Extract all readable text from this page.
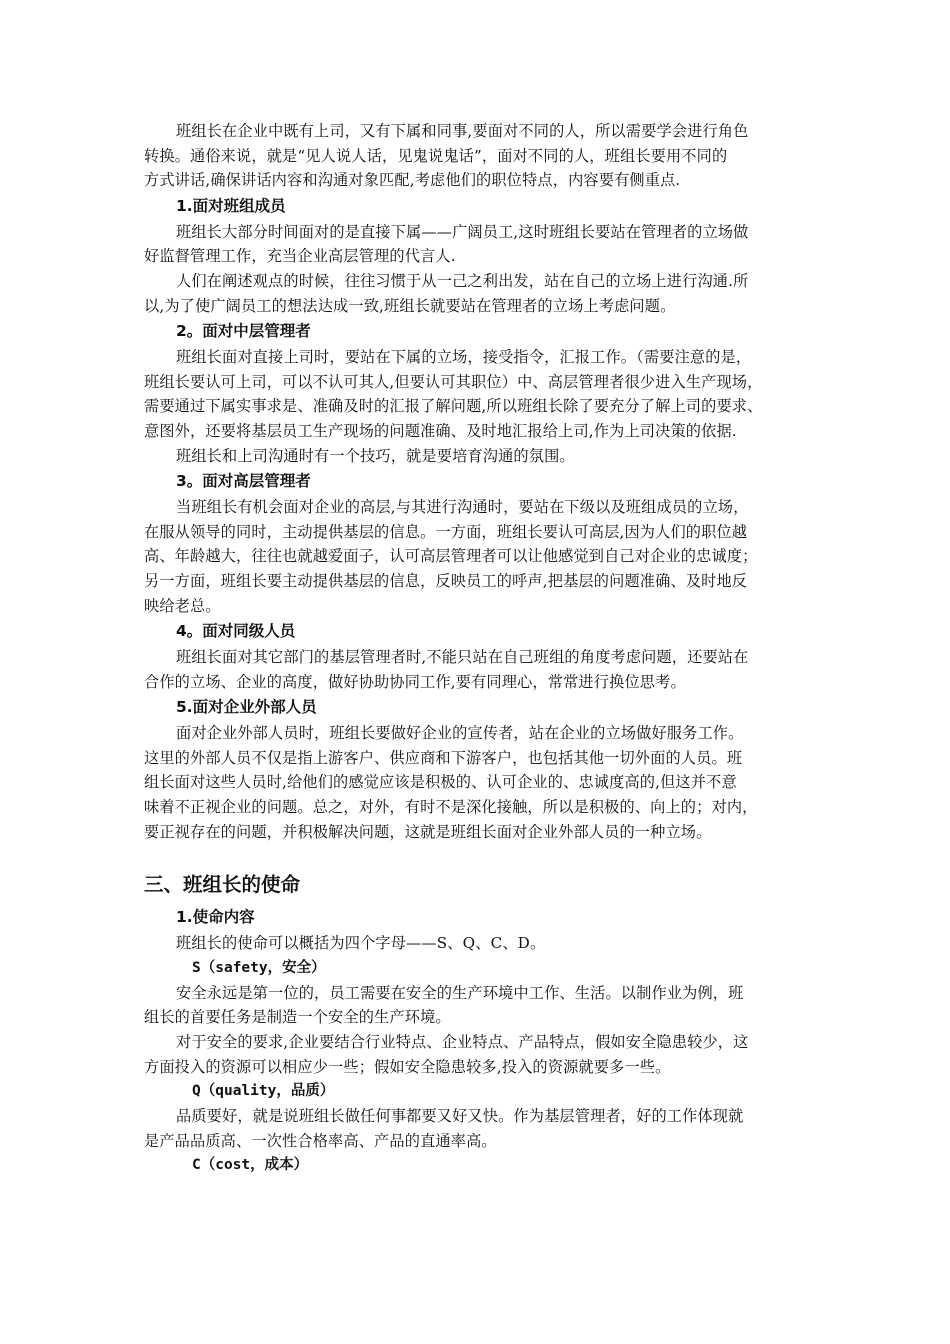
班组长在企业中既有上司，又有下属和同事,要面对不同的人，所以需要学会进行角色
转换。通俗来说，就是“见人说人话，见鬼说鬼话”，面对不同的人，班组长要用不同的
方式讲话,确保讲话内容和沟通对象匹配,考虑他们的职位特点，内容要有侧重点.

1.面对班组成员

班组长大部分时间面对的是直接下属——广阔员工,这时班组长要站在管理者的立场做
好监督管理工作，充当企业高层管理的代言人.

人们在阐述观点的时候，往往习惯于从一己之利出发，站在自己的立场上进行沟通.所
以,为了使广阔员工的想法达成一致,班组长就要站在管理者的立场上考虑问题。

2。面对中层管理者

班组长面对直接上司时，要站在下属的立场，接受指令，汇报工作。（需要注意的是，
班组长要认可上司，可以不认可其人,但要认可其职位）中、高层管理者很少进入生产现场，
需要通过下属实事求是、准确及时的汇报了解问题,所以班组长除了要充分了解上司的要求、
意图外，还要将基层员工生产现场的问题准确、及时地汇报给上司,作为上司决策的依据.

班组长和上司沟通时有一个技巧，就是要培育沟通的氛围。

3。面对高层管理者

当班组长有机会面对企业的高层,与其进行沟通时，要站在下级以及班组成员的立场，
在服从领导的同时，主动提供基层的信息。一方面，班组长要认可高层,因为人们的职位越
高、年龄越大，往往也就越爱面子，认可高层管理者可以让他感觉到自己对企业的忠诚度；
另一方面，班组长要主动提供基层的信息，反映员工的呼声,把基层的问题准确、及时地反
映给老总。

4。面对同级人员

班组长面对其它部门的基层管理者时,不能只站在自己班组的角度考虑问题，还要站在
合作的立场、企业的高度，做好协助协同工作,要有同理心，常常进行换位思考。

5.面对企业外部人员

面对企业外部人员时，班组长要做好企业的宣传者，站在企业的立场做好服务工作。
这里的外部人员不仅是指上游客户、供应商和下游客户，也包括其他一切外面的人员。班
组长面对这些人员时,给他们的感觉应该是积极的、认可企业的、忠诚度高的,但这并不意
味着不正视企业的问题。总之，对外，有时不是深化接触，所以是积极的、向上的；对内，
要正视存在的问题，并积极解决问题，这就是班组长面对企业外部人员的一种立场。

三、班组长的使命
1.使命内容

班组长的使命可以概括为四个字母——S、Q、C、D。

S（safety，安全）

安全永远是第一位的，员工需要在安全的生产环境中工作、生活。以制作业为例，班
组长的首要任务是制造一个安全的生产环境。

对于安全的要求,企业要结合行业特点、企业特点、产品特点，假如安全隐患较少，这
方面投入的资源可以相应少一些；假如安全隐患较多,投入的资源就要多一些。

Q（quality，品质）

品质要好，就是说班组长做任何事都要又好又快。作为基层管理者，好的工作体现就
是产品品质高、一次性合格率高、产品的直通率高。

C（cost，成本）
